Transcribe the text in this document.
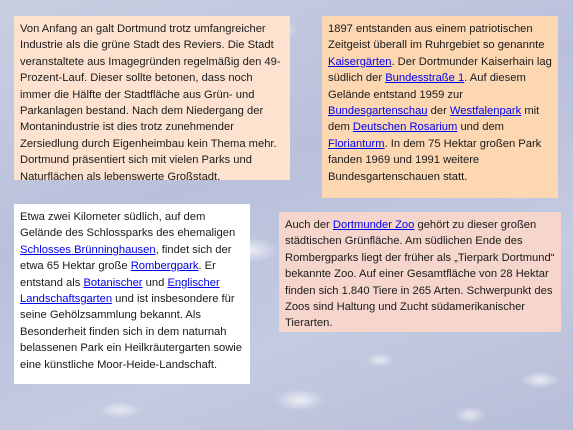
Von Anfang an galt Dortmund trotz umfangreicher Industrie als die grüne Stadt des Reviers. Die Stadt veranstaltete aus Imagegründen regelmäßig den 49-Prozent-Lauf. Dieser sollte betonen, dass noch immer die Hälfte der Stadtfläche aus Grün- und Parkanlagen bestand. Nach dem Niedergang der Montanindustrie ist dies trotz zunehmender Zersiedlung durch Eigenheimbau kein Thema mehr. Dortmund präsentiert sich mit vielen Parks und Naturflächen als lebenswerte Großstadt.
1897 entstanden aus einem patriotischen Zeitgeist überall im Ruhrgebiet so genannte Kaisergärten. Der Dortmunder Kaiserhain lag südlich der Bundesstraße 1. Auf diesem Gelände entstand 1959 zur Bundesgartenschau der Westfalenpark mit dem Deutschen Rosarium und dem Florianturm. In dem 75 Hektar großen Park fanden 1969 und 1991 weitere Bundesgartenschauen statt.
Etwa zwei Kilometer südlich, auf dem Gelände des Schlossparks des ehemaligen Schlosses Brünninghausen, findet sich der etwa 65 Hektar große Rombergpark. Er entstand als Botanischer und Englischer Landschaftsgarten und ist insbesondere für seine Gehölzsammlung bekannt. Als Besonderheit finden sich in dem naturnah belassenen Park ein Heilkräutergarten sowie eine künstliche Moor-Heide-Landschaft.
Auch der Dortmunder Zoo gehört zu dieser großen städtischen Grünfläche. Am südlichen Ende des Rombergparks liegt der früher als „Tierpark Dortmund“ bekannte Zoo. Auf einer Gesamtfläche von 28 Hektar finden sich 1.840 Tiere in 265 Arten. Schwerpunkt des Zoos sind Haltung und Zucht südamerikanischer Tierarten.
